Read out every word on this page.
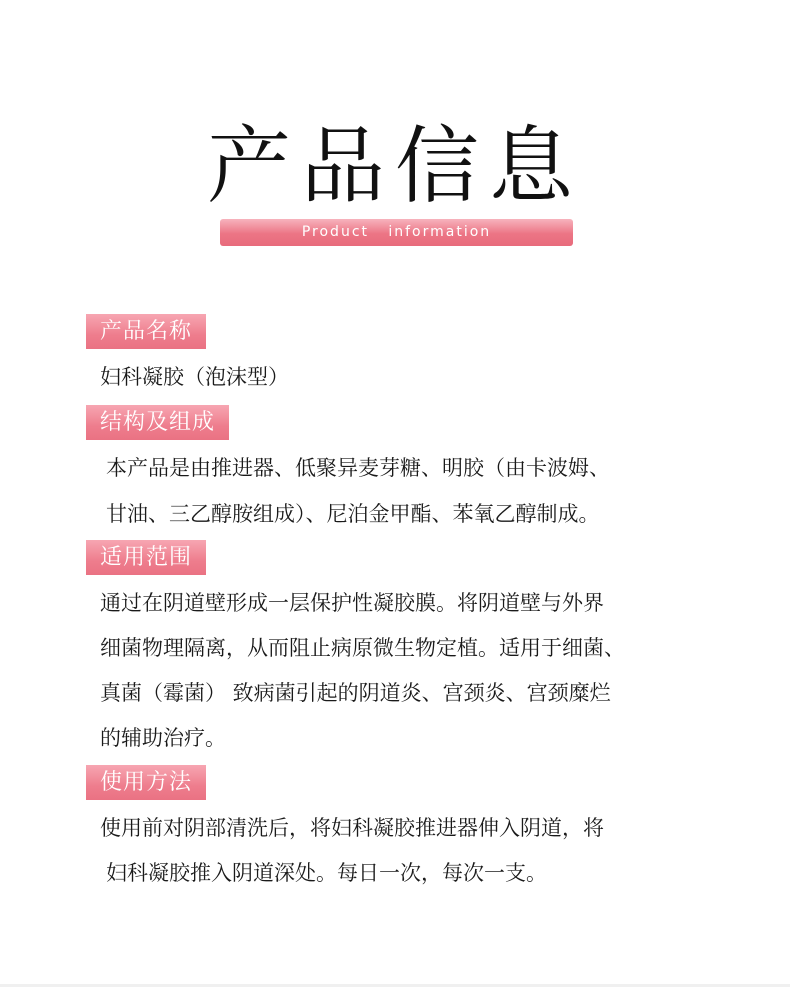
产品信息
Product   information
产品名称
妇科凝胶（泡沫型）
结构及组成
本产品是由推进器、低聚异麦芽糖、明胶（由卡波姆、
甘油、三乙醇胺组成）、尼泊金甲酯、苯氧乙醇制成。
适用范围
通过在阴道壁形成一层保护性凝胶膜。将阴道壁与外界
细菌物理隔离，从而阻止病原微生物定植。适用于细菌、
真菌（霉菌） 致病菌引起的阴道炎、宫颈炎、宫颈糜烂
的辅助治疗。
使用方法
使用前对阴部清洗后，将妇科凝胶推进器伸入阴道，将
妇科凝胶推入阴道深处。每日一次，每次一支。
